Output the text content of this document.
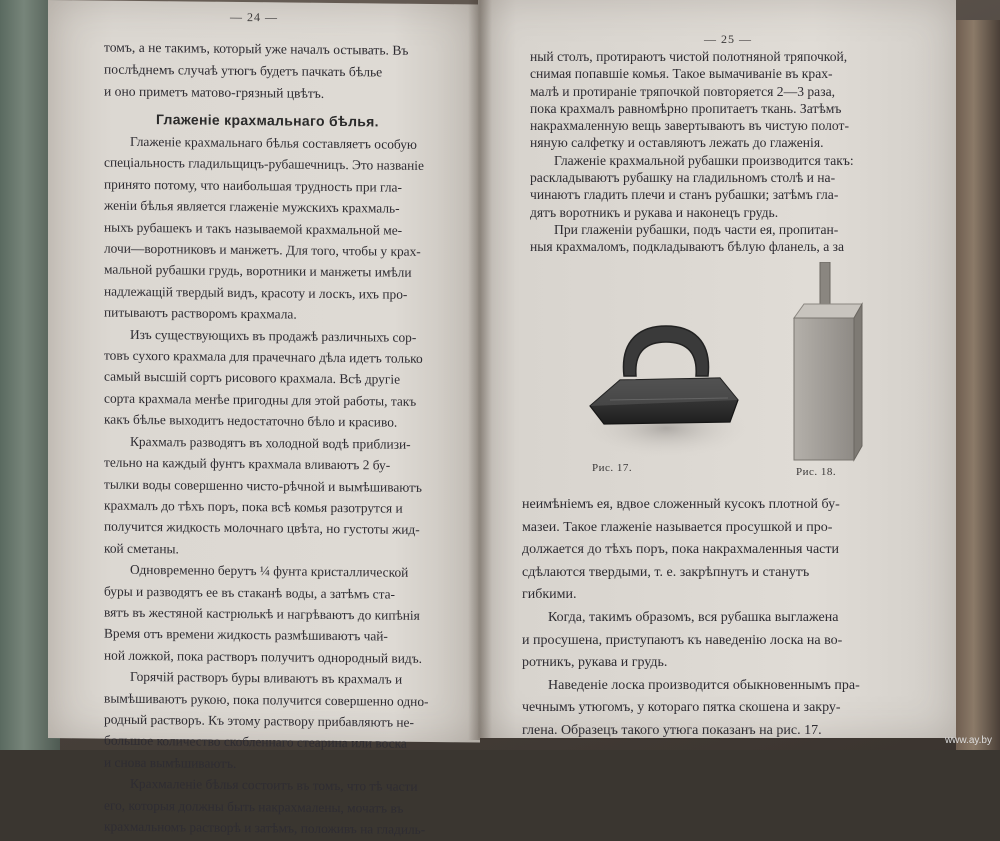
— 24 —
томъ, а не такимъ, который уже началъ остывать. Въ
послѣднемъ случаѣ утюгъ будетъ пачкать бѣлье
и оно приметъ матово-грязный цвѣтъ.
Глаженіе крахмальнаго бѣлья.
Глаженіе крахмальнаго бѣлья составляетъ особую
спеціальность гладильщицъ-рубашечницъ. Это названіе
принято потому, что наибольшая трудность при гла-
женіи бѣлья является глаженіе мужскихъ крахмаль-
ныхъ рубашекъ и такъ называемой крахмальной ме-
лочи—воротниковъ и манжетъ. Для того, чтобы у крах-
мальной рубашки грудь, воротники и манжеты имѣли
надлежащій твердый видъ, красоту и лоскъ, ихъ про-
питываютъ растворомъ крахмала.
Изъ существующихъ въ продажѣ различныхъ сор-
товъ сухого крахмала для прачечнаго дѣла идетъ только
самый высшій сортъ рисового крахмала. Всѣ другіе
сорта крахмала менѣе пригодны для этой работы, такъ
какъ бѣлье выходитъ недостаточно бѣло и красиво.
Крахмалъ разводятъ въ холодной водѣ приблизи-
тельно на каждый фунтъ крахмала вливаютъ 2 бу-
тылки воды совершенно чисто-рѣчной и вымѣшиваютъ
крахмалъ до тѣхъ поръ, пока всѣ комья разотрутся и
получится жидкость молочнаго цвѣта, но густоты жид-
кой сметаны.
Одновременно берутъ ¼ фунта кристаллической
буры и разводятъ ее въ стаканѣ воды, а затѣмъ ста-
вятъ въ жестяной кастрюлькѣ и нагрѣваютъ до кипѣнія
Время отъ времени жидкость размѣшиваютъ чай-
ной ложкой, пока растворъ получитъ однородный видъ.
Горячій растворъ буры вливаютъ въ крахмалъ и
вымѣшиваютъ рукою, пока получится совершенно одно-
родный растворъ. Къ этому раствору прибавляютъ не-
большое количество скобленнаго стеарина или воска
и снова вымѣшиваютъ.
Крахмаленіе бѣлья состоитъ въ томъ, что тѣ части
его, которыя должны быть накрахмалены, мочатъ въ
крахмальномъ растворѣ и затѣмъ, положивъ на гладиль-
— 25 —
ный столъ, протираютъ чистой полотняной тряпочкой,
снимая попавшіе комья. Такое вымачиваніе въ крах-
малѣ и протираніе тряпочкой повторяется 2—3 раза,
пока крахмалъ равномѣрно пропитаетъ ткань. Затѣмъ
накрахмаленную вещь завертываютъ въ чистую полот-
няную салфетку и оставляютъ лежать до глаженія.
Глаженіе крахмальной рубашки производится такъ:
раскладываютъ рубашку на гладильномъ столѣ и на-
чинаютъ гладить плечи и станъ рубашки; затѣмъ гла-
дятъ воротникъ и рукава и наконецъ грудь.
При глаженіи рубашки, подъ части ея, пропитан-
ныя крахмаломъ, подкладываютъ бѣлую фланель, а за
Рис. 17.	Рис. 18.
неимѣніемъ ея, вдвое сложенный кусокъ плотной бу-
мазеи. Такое глаженіе называется просушкой и про-
должается до тѣхъ поръ, пока накрахмаленныя части
сдѣлаются твердыми, т. е. закрѣпнутъ и станутъ
гибкими.
Когда, такимъ образомъ, вся рубашка выглажена
и просушена, приступаютъ къ наведенію лоска на во-
ротникъ, рукава и грудь.
Наведеніе лоска производится обыкновеннымъ пра-
чечнымъ утюгомъ, у котораго пятка скошена и закру-
глена. Образецъ такого утюга показанъ на рис. 17.
www.ay.by
